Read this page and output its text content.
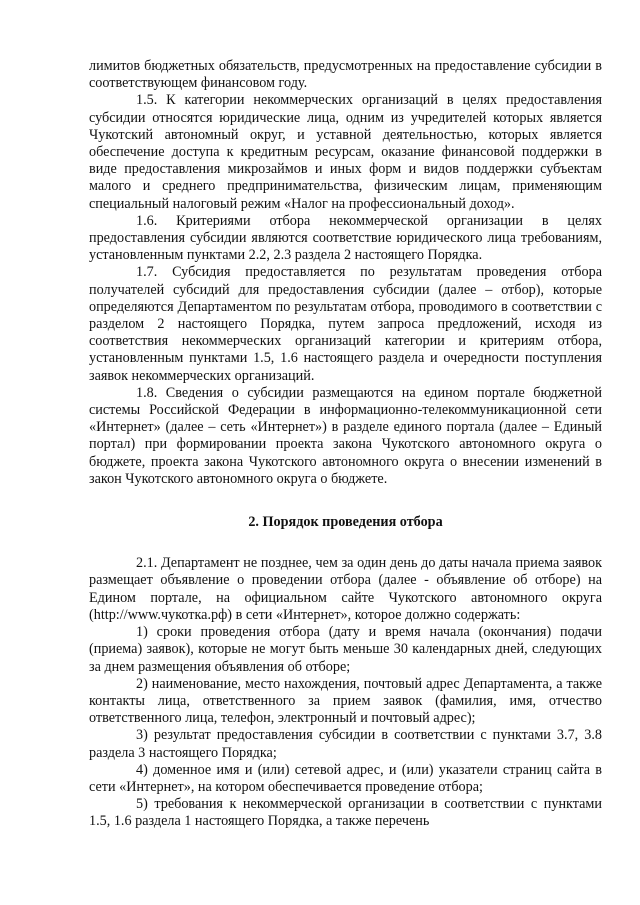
лимитов бюджетных обязательств, предусмотренных на предоставление субсидии в соответствующем финансовом году.

1.5. К категории некоммерческих организаций в целях предоставления субсидии относятся юридические лица, одним из учредителей которых является Чукотский автономный округ, и уставной деятельностью, которых является обеспечение доступа к кредитным ресурсам, оказание финансовой поддержки в виде предоставления микрозаймов и иных форм и видов поддержки субъектам малого и среднего предпринимательства, физическим лицам, применяющим специальный налоговый режим «Налог на профессиональный доход».

1.6. Критериями отбора некоммерческой организации в целях предоставления субсидии являются соответствие юридического лица требованиям, установленным пунктами 2.2, 2.3 раздела 2 настоящего Порядка.

1.7. Субсидия предоставляется по результатам проведения отбора получателей субсидий для предоставления субсидии (далее – отбор), которые определяются Департаментом по результатам отбора, проводимого в соответствии с разделом 2 настоящего Порядка, путем запроса предложений, исходя из соответствия некоммерческих организаций категории и критериям отбора, установленным пунктами 1.5, 1.6 настоящего раздела и очередности поступления заявок некоммерческих организаций.

1.8. Сведения о субсидии размещаются на едином портале бюджетной системы Российской Федерации в информационно-телекоммуникационной сети «Интернет» (далее – сеть «Интернет») в разделе единого портала (далее – Единый портал) при формировании проекта закона Чукотского автономного округа о бюджете, проекта закона Чукотского автономного округа о внесении изменений в закон Чукотского автономного округа о бюджете.

2. Порядок проведения отбора

2.1. Департамент не позднее, чем за один день до даты начала приема заявок размещает объявление о проведении отбора (далее - объявление об отборе) на Едином портале, на официальном сайте Чукотского автономного округа (http://www.чукотка.рф) в сети «Интернет», которое должно содержать:

1) сроки проведения отбора (дату и время начала (окончания) подачи (приема) заявок), которые не могут быть меньше 30 календарных дней, следующих за днем размещения объявления об отборе;

2) наименование, место нахождения, почтовый адрес Департамента, а также контакты лица, ответственного за прием заявок (фамилия, имя, отчество ответственного лица, телефон, электронный и почтовый адрес);

3) результат предоставления субсидии в соответствии с пунктами 3.7, 3.8 раздела 3 настоящего Порядка;

4) доменное имя и (или) сетевой адрес, и (или) указатели страниц сайта в сети «Интернет», на котором обеспечивается проведение отбора;

5) требования к некоммерческой организации в соответствии с пунктами 1.5, 1.6 раздела 1 настоящего Порядка, а также перечень
